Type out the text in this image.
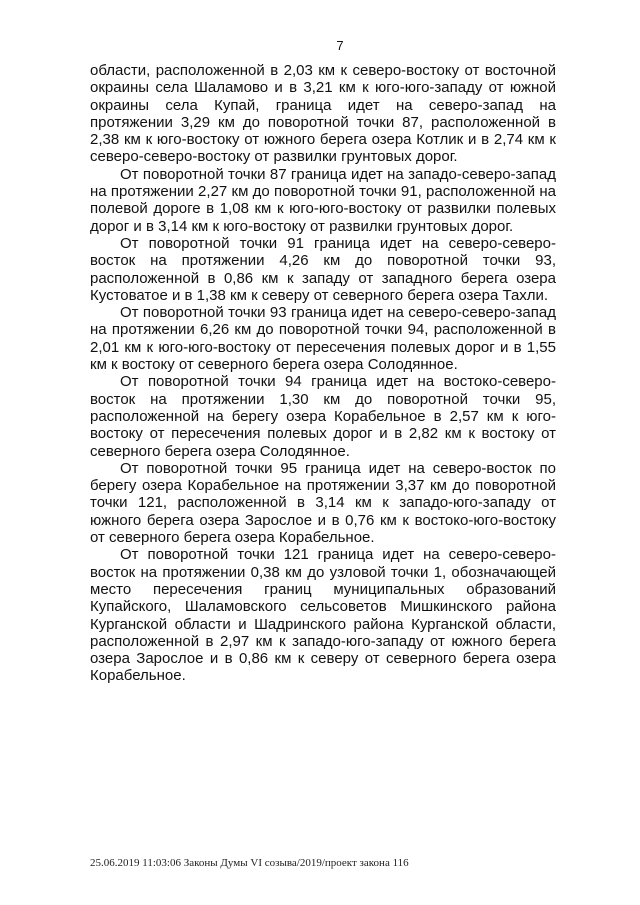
7

области, расположенной в 2,03 км к северо-востоку от восточной окраины села Шаламово и в 3,21 км к юго-юго-западу от южной окраины села Купай, граница идет на северо-запад на протяжении 3,29 км до поворотной точки 87, расположенной в 2,38 км к юго-востоку от южного берега озера Котлик и в 2,74 км к северо-северо-востоку от развилки грунтовых дорог.

От поворотной точки 87 граница идет на западо-северо-запад на протяжении 2,27 км до поворотной точки 91, расположенной на полевой дороге в 1,08 км к юго-юго-востоку от развилки полевых дорог и в 3,14 км к юго-востоку от развилки грунтовых дорог.

От поворотной точки 91 граница идет на северо-северо-восток на протяжении 4,26 км до поворотной точки 93, расположенной в 0,86 км к западу от западного берега озера Кустоватое и в 1,38 км к северу от северного берега озера Тахли.

От поворотной точки 93 граница идет на северо-северо-запад на протяжении 6,26 км до поворотной точки 94, расположенной в 2,01 км к юго-юго-востоку от пересечения полевых дорог и в 1,55 км к востоку от северного берега озера Солодянное.

От поворотной точки 94 граница идет на востоко-северо-восток на протяжении 1,30 км до поворотной точки 95, расположенной на берегу озера Корабельное в 2,57 км к юго-востоку от пересечения полевых дорог и в 2,82 км к востоку от северного берега озера Солодянное.

От поворотной точки 95 граница идет на северо-восток по берегу озера Корабельное на протяжении 3,37 км до поворотной точки 121, расположенной в 3,14 км к западо-юго-западу от южного берега озера Зарослое и в 0,76 км к востоко-юго-востоку от северного берега озера Корабельное.

От поворотной точки 121 граница идет на северо-северо-восток на протяжении 0,38 км до узловой точки 1, обозначающей место пересечения границ муниципальных образований Купайского, Шаламовского сельсоветов Мишкинского района Курганской области и Шадринского района Курганской области, расположенной в 2,97 км к западо-юго-западу от южного берега озера Зарослое и в 0,86 км к северу от северного берега озера Корабельное.

25.06.2019 11:03:06 Законы Думы VI созыва/2019/проект закона 116
